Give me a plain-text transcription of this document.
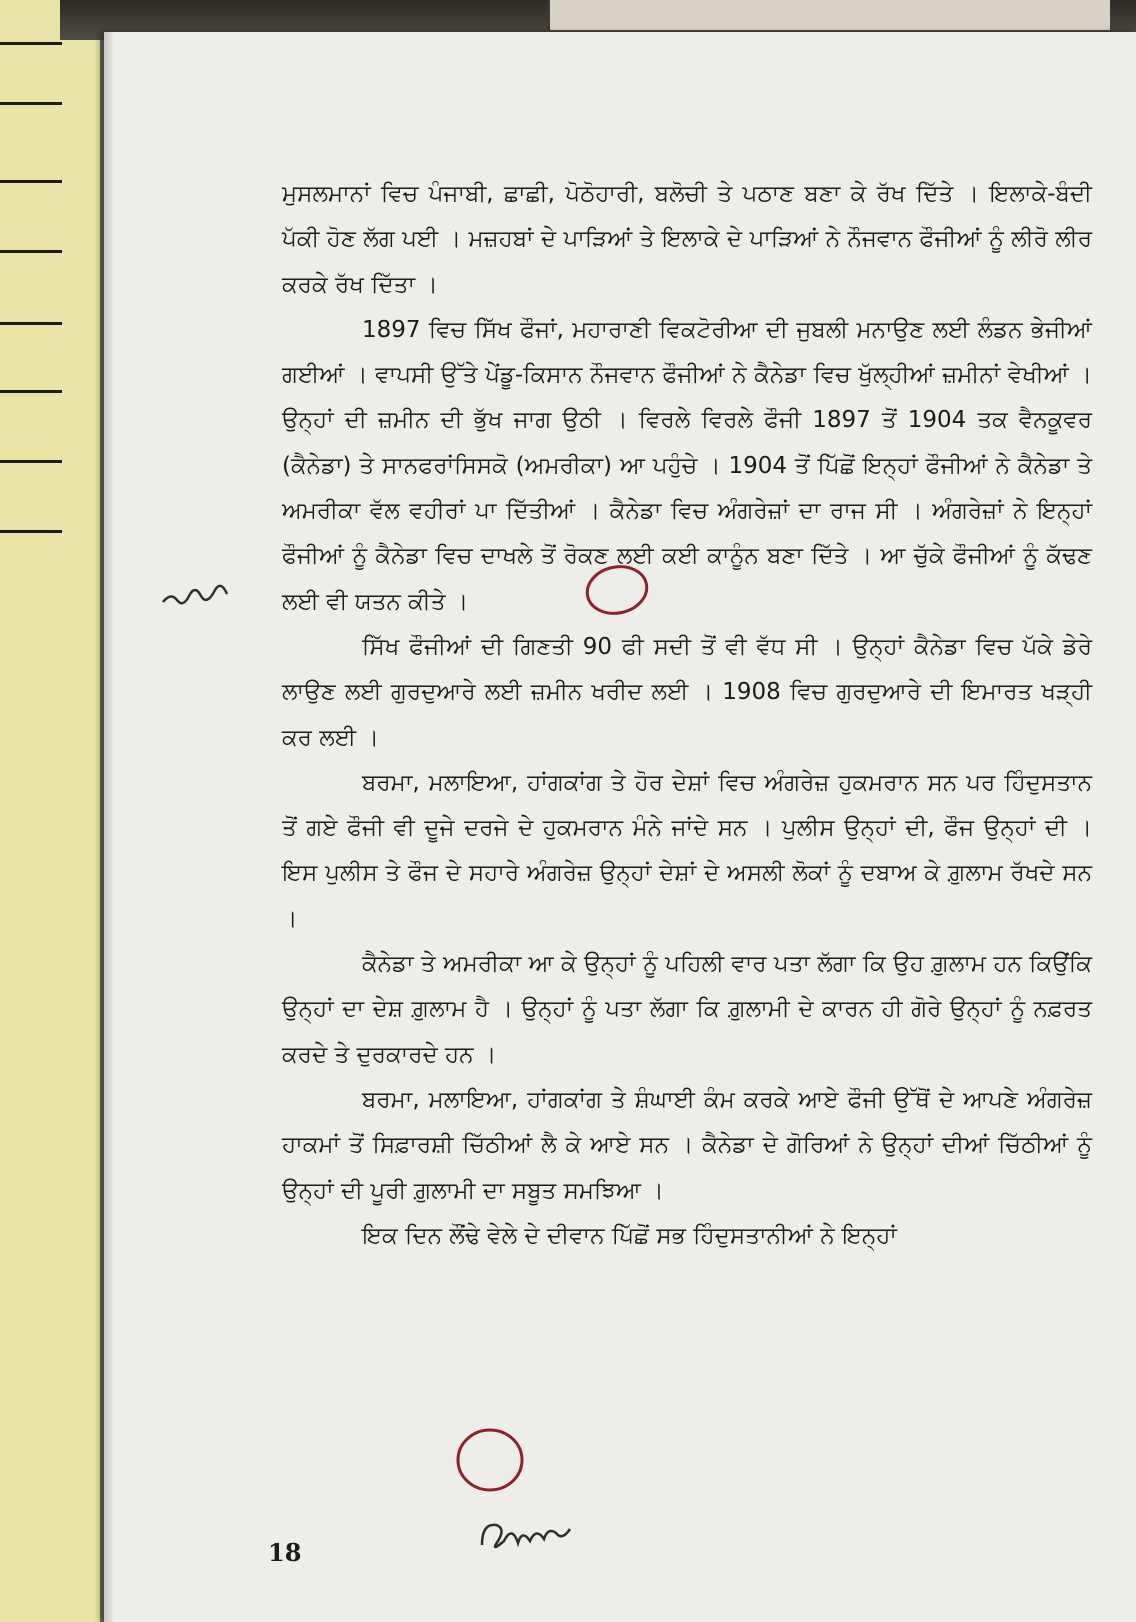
ਮੁਸਲਮਾਨਾਂ ਵਿਚ ਪੰਜਾਬੀ, ਛਾਛੀ, ਪੋਠੋਹਾਰੀ, ਬਲੋਚੀ ਤੇ ਪਠਾਣ ਬਣਾ ਕੇ ਰੱਖ ਦਿੱਤੇ । ਇਲਾਕੇ-ਬੰਦੀ ਪੱਕੀ ਹੋਣ ਲੱਗ ਪਈ । ਮਜ਼ਹਬਾਂ ਦੇ ਪਾੜਿਆਂ ਤੇ ਇਲਾਕੇ ਦੇ ਪਾੜਿਆਂ ਨੇ ਨੌਜਵਾਨ ਫੌਜੀਆਂ ਨੂੰ ਲੀਰੋ ਲੀਰ ਕਰਕੇ ਰੱਖ ਦਿੱਤਾ ।

1897 ਵਿਚ ਸਿੱਖ ਫੌਜਾਂ, ਮਹਾਰਾਣੀ ਵਿਕਟੋਰੀਆ ਦੀ ਜੁਬਲੀ ਮਨਾਉਣ ਲਈ ਲੰਡਨ ਭੇਜੀਆਂ ਗਈਆਂ । ਵਾਪਸੀ ਉੱਤੇ ਪੇਂਡੂ-ਕਿਸਾਨ ਨੌਜਵਾਨ ਫੌਜੀਆਂ ਨੇ ਕੈਨੇਡਾ ਵਿਚ ਖੁੱਲ੍ਹੀਆਂ ਜ਼ਮੀਨਾਂ ਵੇਖੀਆਂ । ਉਨ੍ਹਾਂ ਦੀ ਜ਼ਮੀਨ ਦੀ ਭੁੱਖ ਜਾਗ ਉਠੀ । ਵਿਰਲੇ ਵਿਰਲੇ ਫੌਜੀ 1897 ਤੋਂ 1904 ਤਕ ਵੈਨਕੂਵਰ (ਕੈਨੇਡਾ) ਤੇ ਸਾਨਫਰਾਂਸਿਸਕੋ (ਅਮਰੀਕਾ) ਆ ਪਹੁੰਚੇ । 1904 ਤੋਂ ਪਿੱਛੋਂ ਇਨ੍ਹਾਂ ਫੌਜੀਆਂ ਨੇ ਕੈਨੇਡਾ ਤੇ ਅਮਰੀਕਾ ਵੱਲ ਵਹੀਰਾਂ ਪਾ ਦਿੱਤੀਆਂ । ਕੈਨੇਡਾ ਵਿਚ ਅੰਗਰੇਜ਼ਾਂ ਦਾ ਰਾਜ ਸੀ । ਅੰਗਰੇਜ਼ਾਂ ਨੇ ਇਨ੍ਹਾਂ ਫੌਜੀਆਂ ਨੂੰ ਕੈਨੇਡਾ ਵਿਚ ਦਾਖਲੇ ਤੋਂ ਰੋਕਣ ਲਈ ਕਈ ਕਾਨੂੰਨ ਬਣਾ ਦਿੱਤੇ । ਆ ਚੁੱਕੇ ਫੌਜੀਆਂ ਨੂੰ ਕੱਢਣ ਲਈ ਵੀ ਯਤਨ ਕੀਤੇ ।

ਸਿੱਖ ਫੌਜੀਆਂ ਦੀ ਗਿਣਤੀ 90 ਫੀ ਸਦੀ ਤੋਂ ਵੀ ਵੱਧ ਸੀ । ਉਨ੍ਹਾਂ ਕੈਨੇਡਾ ਵਿਚ ਪੱਕੇ ਡੇਰੇ ਲਾਉਣ ਲਈ ਗੁਰਦੁਆਰੇ ਲਈ ਜ਼ਮੀਨ ਖਰੀਦ ਲਈ । 1908 ਵਿਚ ਗੁਰਦੁਆਰੇ ਦੀ ਇਮਾਰਤ ਖੜ੍ਹੀ ਕਰ ਲਈ ।

ਬਰਮਾ, ਮਲਾਇਆ, ਹਾਂਗਕਾਂਗ ਤੇ ਹੋਰ ਦੇਸ਼ਾਂ ਵਿਚ ਅੰਗਰੇਜ਼ ਹੁਕਮਰਾਨ ਸਨ ਪਰ ਹਿੰਦੁਸਤਾਨ ਤੋਂ ਗਏ ਫੌਜੀ ਵੀ ਦੂਜੇ ਦਰਜੇ ਦੇ ਹੁਕਮਰਾਨ ਮੰਨੇ ਜਾਂਦੇ ਸਨ । ਪੁਲੀਸ ਉਨ੍ਹਾਂ ਦੀ, ਫੌਜ ਉਨ੍ਹਾਂ ਦੀ । ਇਸ ਪੁਲੀਸ ਤੇ ਫੌਜ ਦੇ ਸਹਾਰੇ ਅੰਗਰੇਜ਼ ਉਨ੍ਹਾਂ ਦੇਸ਼ਾਂ ਦੇ ਅਸਲੀ ਲੋਕਾਂ ਨੂੰ ਦਬਾਅ ਕੇ ਗ਼ੁਲਾਮ ਰੱਖਦੇ ਸਨ ।

ਕੈਨੇਡਾ ਤੇ ਅਮਰੀਕਾ ਆ ਕੇ ਉਨ੍ਹਾਂ ਨੂੰ ਪਹਿਲੀ ਵਾਰ ਪਤਾ ਲੱਗਾ ਕਿ ਉਹ ਗ਼ੁਲਾਮ ਹਨ ਕਿਉਂਕਿ ਉਨ੍ਹਾਂ ਦਾ ਦੇਸ਼ ਗ਼ੁਲਾਮ ਹੈ । ਉਨ੍ਹਾਂ ਨੂੰ ਪਤਾ ਲੱਗਾ ਕਿ ਗ਼ੁਲਾਮੀ ਦੇ ਕਾਰਨ ਹੀ ਗੋਰੇ ਉਨ੍ਹਾਂ ਨੂੰ ਨਫ਼ਰਤ ਕਰਦੇ ਤੇ ਦੁਰਕਾਰਦੇ ਹਨ ।

ਬਰਮਾ, ਮਲਾਇਆ, ਹਾਂਗਕਾਂਗ ਤੇ ਸ਼ੰਘਾਈ ਕੰਮ ਕਰਕੇ ਆਏ ਫੌਜੀ ਉੱਥੋਂ ਦੇ ਆਪਣੇ ਅੰਗਰੇਜ਼ ਹਾਕਮਾਂ ਤੋਂ ਸਿਫ਼ਾਰਸ਼ੀ ਚਿੱਠੀਆਂ ਲੈ ਕੇ ਆਏ ਸਨ । ਕੈਨੇਡਾ ਦੇ ਗੋਰਿਆਂ ਨੇ ਉਨ੍ਹਾਂ ਦੀਆਂ ਚਿੱਠੀਆਂ ਨੂੰ ਉਨ੍ਹਾਂ ਦੀ ਪੂਰੀ ਗ਼ੁਲਾਮੀ ਦਾ ਸਬੂਤ ਸਮਝਿਆ ।

ਇਕ ਦਿਨ ਲੌਂਢੇ ਵੇਲੇ ਦੇ ਦੀਵਾਨ ਪਿੱਛੋਂ ਸਭ ਹਿੰਦੁਸਤਾਨੀਆਂ ਨੇ ਇਨ੍ਹਾਂ

18
